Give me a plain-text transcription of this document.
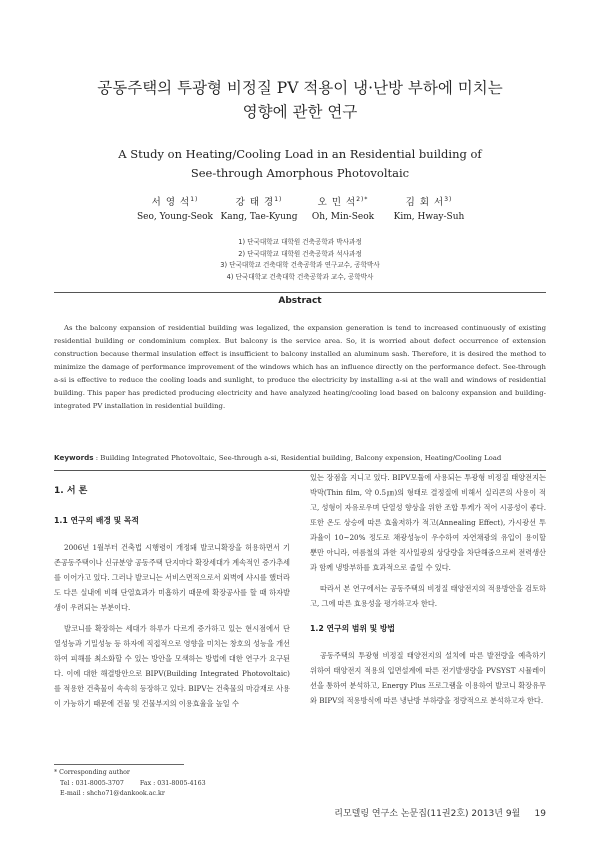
공동주택의 투광형 비정질 PV 적용이 냉·난방 부하에 미치는
영향에 관한 연구
A Study on Heating/Cooling Load in an Residential building of
See-through Amorphous Photovoltaic
서 영 석$^{1)}$
Seo, Young-Seok
강 태 경$^{1)}$
Kang, Tae-Kyung
오 민 석$^{2)*}$
Oh, Min-Seok
김 회 서$^{3)}$
Kim, Hway-Suh
1) 단국대학교 대학원 건축공학과 박사과정
2) 단국대학교 대학원 건축공학과 석사과정
3) 단국대학교 건축대학 건축공학과 연구교수, 공학박사
4) 단국대학교 건축대학 건축공학과 교수, 공학박사
Abstract
As the balcony expansion of residential building was legalized, the expansion generation is tend to increased continuously of existing residential building or condominium complex. But balcony is the service area. So, it is worried about defect occurrence of extension construction because thermal insulation effect is insufficient to balcony installed an aluminum sash. Therefore, it is desired the method to minimize the damage of performance improvement of the windows which has an influence directly on the performance defect. See-through a-si is effective to reduce the cooling loads and sunlight, to produce the electricity by installing a-si at the wall and windows of residential building. This paper has predicted producing electricity and have analyzed heating/cooling load based on balcony expansion and building-integrated PV installation in residential building.
Keywords : Building Integrated Photovoltaic, See-through a-si, Residential building, Balcony expension, Heating/Cooling Load
1. 서 론
1.1 연구의 배경 및 목적

2006년 1월부터 건축법 시행령이 개정돼 발코니확장을 허용하면서 기존공동주택이나 신규분양 공동주택 단지마다 확장세대가 계속적인 증가추세를 이어가고 있다. 그러나 발코니는 서비스면적으로서 외벽에 샤시를 했더라도 다른 실내에 비해 단열효과가 미흡하기 때문에 확장공사를 할 때 하자발생이 우려되는 부분이다.

발코니를 확장하는 세대가 하루가 다르게 증가하고 있는 현시점에서 단열성능과 기밀성능 등 하자에 직접적으로 영향을 미치는 창호의 성능을 개선하여 피해를 최소화할 수 있는 방안을 모색하는 방법에 대한 연구가 요구된다. 이에 대한 해결방안으로 BIPV(Building Integrated Photovoltaic)를 적용한 건축물이 속속히 등장하고 있다. BIPV는 건축물의 마감재로 사용이 가능하기 때문에 건물 및 건물부지의 이용효율을 높일 수

있는 장점을 지니고 있다. BIPV모듈에 사용되는 투광형 비정질 태양전지는 박막(Thin film, 약 0.5㎛)의 형태로 결정질에 비해서 실리콘의 사용이 적고, 성형이 자유로우며 단열성 향상을 위한 조합 투케가 적어 시공성이 좋다. 또한 온도 상승에 따른 효율저하가 적고(Annealing Effect), 가시광선 투과율이 10~20% 정도로 채광성능이 우수하여 자연채광의 유입이 용이할 뿐만 아니라, 여름철의 과한 직사일광의 상당량을 차단해줌으로써 전력생산과 함께 냉방부하를 효과적으로 줄일 수 있다.

따라서 본 연구에서는 공동주택의 비정질 태양전지의 적용방안을 검토하고, 그에 따른 효용성을 평가하고자 한다.

1.2 연구의 범위 및 방법

공동주택의 투광형 비정질 태양전지의 설치에 따른 발전량을 예측하기 위하여 태양전지 적용의 입면설계에 따른 전기발생량을 PVSYST 시뮬레이션을 통하여 분석하고, Energy Plus 프로그램을 이용하여 발코니 확장유무와 BIPV의 적용방식에 따른 냉난방 부하량을 정량적으로 분석하고자 한다.

* Corresponding author
Tel : 031-8005-3707        Fax : 031-8005-4163
E-mail : shcho71@dankook.ac.kr
리모델링 연구소 논문집(11권2호) 2013년 9월     19
